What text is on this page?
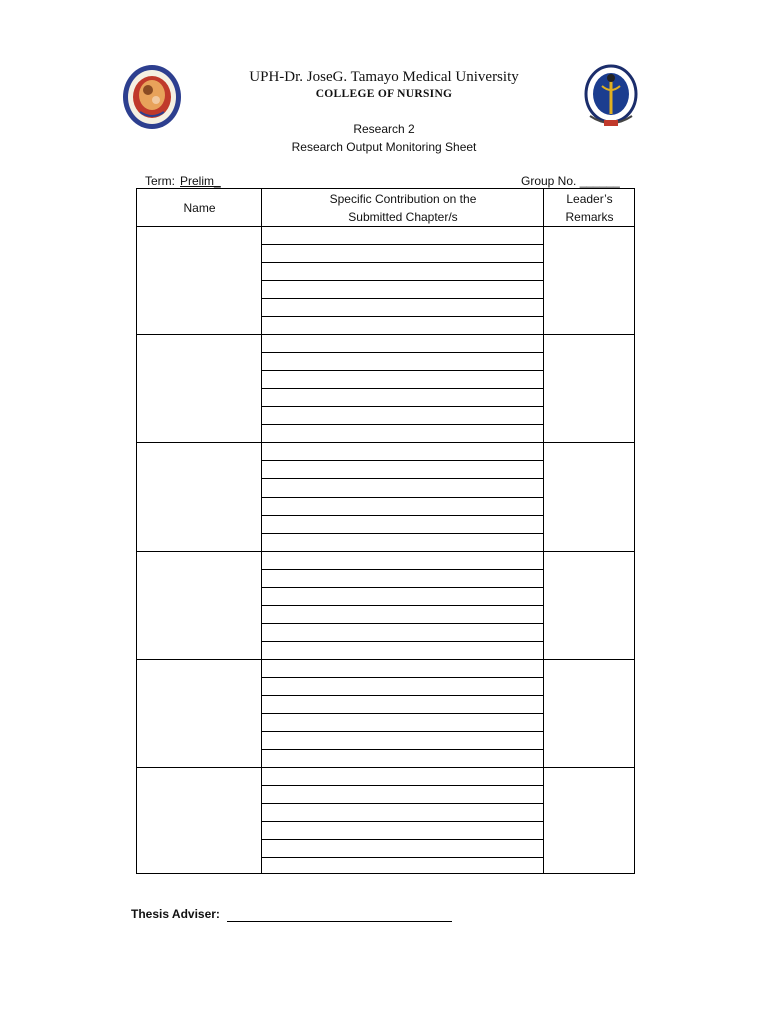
UPH-Dr. JoseG. Tamayo Medical University
COLLEGE OF NURSING
Research 2
Research Output Monitoring Sheet
Term: Prelim_	Group No. ______
Name
Specific Contribution on the Submitted Chapter/s
Leader’s Remarks
Thesis Adviser:
